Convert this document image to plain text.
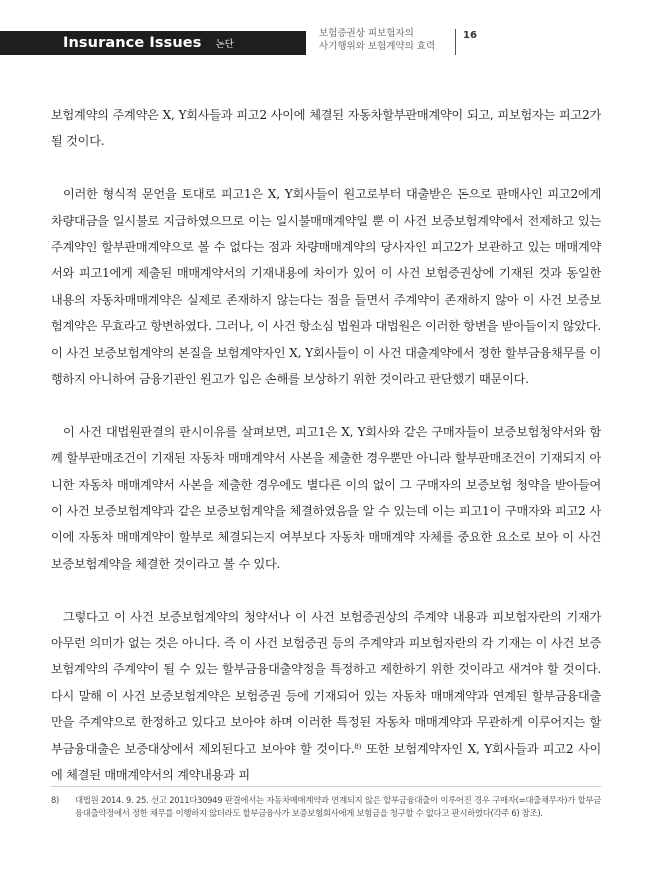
Insurance Issues 논단
보험증권상 피보험자의
사기행위와 보험계약의 효력
16

보험계약의 주계약은 X, Y회사들과 피고2 사이에 체결된 자동차할부판매계약이 되고, 피보험자는 피고2가 될 것이다.

이러한 형식적 문언을 토대로 피고1은 X, Y회사들이 원고로부터 대출받은 돈으로 판매사인 피고2에게 차량대금을 일시불로 지급하였으므로 이는 일시불매매계약일 뿐 이 사건 보증보험계약에서 전제하고 있는 주계약인 할부판매계약으로 볼 수 없다는 점과 차량매매계약의 당사자인 피고2가 보관하고 있는 매매계약서와 피고1에게 제출된 매매계약서의 기재내용에 차이가 있어 이 사건 보험증권상에 기재된 것과 동일한 내용의 자동차매매계약은 실제로 존재하지 않는다는 점을 들면서 주계약이 존재하지 않아 이 사건 보증보험계약은 무효라고 항변하였다. 그러나, 이 사건 항소심 법원과 대법원은 이러한 항변을 받아들이지 않았다. 이 사건 보증보험계약의 본질을 보험계약자인 X, Y회사들이 이 사건 대출계약에서 정한 할부금융채무를 이행하지 아니하여 금융기관인 원고가 입은 손해를 보상하기 위한 것이라고 판단했기 때문이다.

이 사건 대법원판결의 판시이유를 살펴보면, 피고1은 X, Y회사와 같은 구매자들이 보증보험청약서와 함께 할부판매조건이 기재된 자동차 매매계약서 사본을 제출한 경우뿐만 아니라 할부판매조건이 기재되지 아니한 자동차 매매계약서 사본을 제출한 경우에도 별다른 이의 없이 그 구매자의 보증보험 청약을 받아들여 이 사건 보증보험계약과 같은 보증보험계약을 체결하였음을 알 수 있는데 이는 피고1이 구매자와 피고2 사이에 자동차 매매계약이 할부로 체결되는지 여부보다 자동차 매매계약 자체를 중요한 요소로 보아 이 사건 보증보험계약을 체결한 것이라고 볼 수 있다.

그렇다고 이 사건 보증보험계약의 청약서나 이 사건 보험증권상의 주계약 내용과 피보험자란의 기재가 아무런 의미가 없는 것은 아니다. 즉 이 사건 보험증권 등의 주계약과 피보험자란의 각 기재는 이 사건 보증보험계약의 주계약이 될 수 있는 할부금융대출약정을 특정하고 제한하기 위한 것이라고 새겨야 할 것이다. 다시 말해 이 사건 보증보험계약은 보험증권 등에 기재되어 있는 자동차 매매계약과 연계된 할부금융대출만을 주계약으로 한정하고 있다고 보아야 하며 이러한 특정된 자동차 매매계약과 무관하게 이루어지는 할부금융대출은 보증대상에서 제외된다고 보아야 할 것이다.$^{8)}$ 또한 보험계약자인 X, Y회사들과 피고2 사이에 체결된 매매계약서의 계약내용과 피

8)	대법원 2014. 9. 25. 선고 2011다30949 판결에서는 자동차매매계약과 연계되지 않은 할부금융대출이 이루어진 경우 구매자(=대출채무자)가 할부금융대출약정에서 정한 채무를 이행하지 않더라도 할부금융사가 보증보험회사에게 보험금을 청구할 수 없다고 판시하였다(각주 6) 참조).
